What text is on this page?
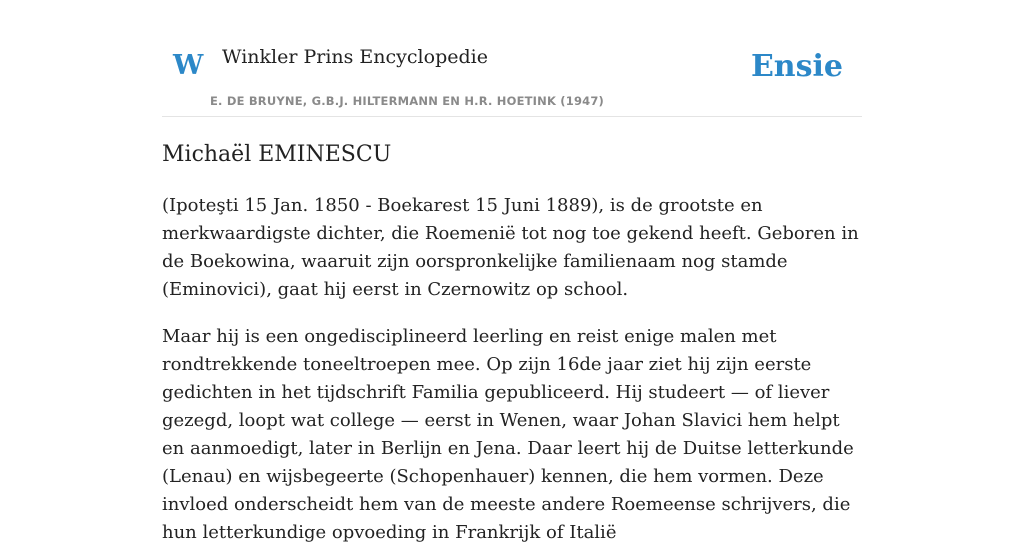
W Winkler Prins Encyclopedie
E. DE BRUYNE, G.B.J. HILTERMANN EN H.R. HOETINK (1947)
Ensie
Michaël EMINESCU

(Ipoteşti 15 Jan. 1850 - Boekarest 15 Juni 1889), is de grootste en merkwaardigste dichter, die Roemenië tot nog toe gekend heeft. Geboren in de Boekowina, waaruit zijn oorspronkelijke familienaam nog stamde (Eminovici), gaat hij eerst in Czernowitz op school.

Maar hij is een ongedisciplineerd leerling en reist enige malen met rondtrekkende toneeltroepen mee. Op zijn 16de jaar ziet hij zijn eerste gedichten in het tijdschrift Familia gepubliceerd. Hij studeert — of liever gezegd, loopt wat college — eerst in Wenen, waar Johan Slavici hem helpt en aanmoedigt, later in Berlijn en Jena. Daar leert hij de Duitse letterkunde (Lenau) en wijsbegeerte (Schopenhauer) kennen, die hem vormen. Deze invloed onderscheidt hem van de meeste andere Roemeense schrijvers, die hun letterkundige opvoeding in Frankrijk of Italië
